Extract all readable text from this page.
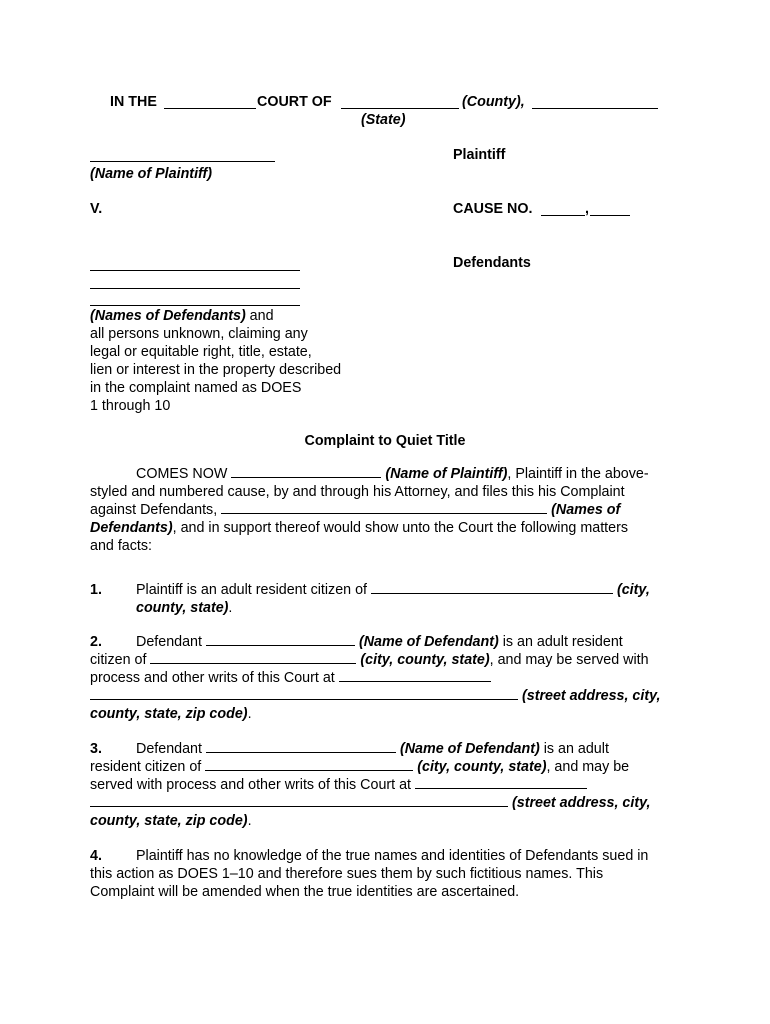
IN THE	COURT OF	(County),
(State)
(Name of Plaintiff)
Plaintiff
V.	CAUSE NO.	,
Defendants
(Names of Defendants) and
all persons unknown, claiming any
legal or equitable right, title, estate,
lien or interest in the property described
in the complaint named as DOES
1 through 10
Complaint to Quiet Title
COMES NOW	(Name of Plaintiff), Plaintiff in the above-
styled and numbered cause, by and through his Attorney, and files this his Complaint
against Defendants,	(Names of
Defendants), and in support thereof would show unto the Court the following matters
and facts:
1. Plaintiff is an adult resident citizen of	(city,
county, state).
2. Defendant	(Name of Defendant) is an adult resident
citizen of	(city, county, state), and may be served with
process and other writs of this Court at
(street address, city,
county, state, zip code).
3. Defendant	(Name of Defendant) is an adult
resident citizen of	(city, county, state), and may be
served with process and other writs of this Court at
(street address, city,
county, state, zip code).
4. Plaintiff has no knowledge of the true names and identities of Defendants sued in
this action as DOES 1–10 and therefore sues them by such fictitious names. This
Complaint will be amended when the true identities are ascertained.
